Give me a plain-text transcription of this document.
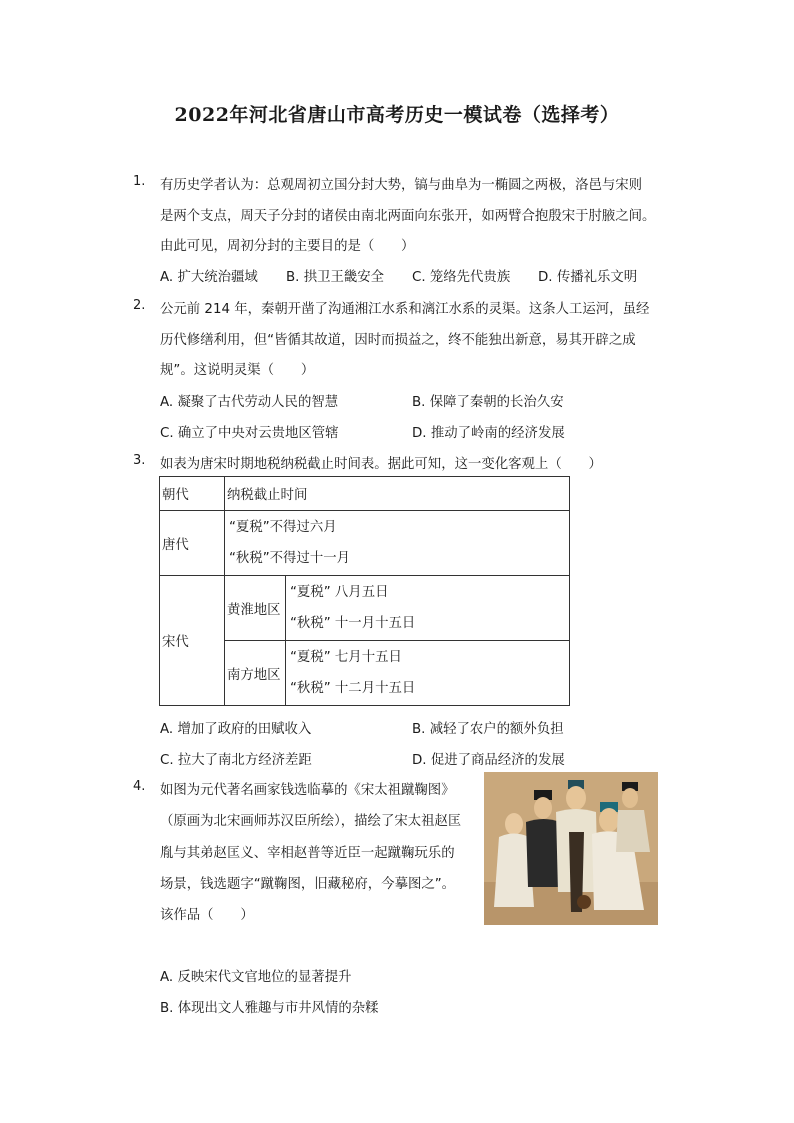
2022年河北省唐山市高考历史一模试卷（选择考）
1. 有历史学者认为：总观周初立国分封大势，镐与曲阜为一椭圆之两极，洛邑与宋则
是两个支点，周天子分封的诸侯由南北两面向东张开，如两臂合抱殷宋于肘腋之间。
由此可见，周初分封的主要目的是（　　）
A. 扩大统治疆域 B. 拱卫王畿安全 C. 笼络先代贵族 D. 传播礼乐文明
2. 公元前 214 年，秦朝开凿了沟通湘江水系和漓江水系的灵渠。这条人工运河，虽经
历代修缮利用，但“皆循其故道，因时而损益之，终不能独出新意，易其开辟之成
规”。这说明灵渠（　　）
A. 凝聚了古代劳动人民的智慧	B. 保障了秦朝的长治久安
C. 确立了中央对云贵地区管辖	D. 推动了岭南的经济发展
3. 如表为唐宋时期地税纳税截止时间表。据此可知，这一变化客观上（　　）
朝代	纳税截止时间	
唐代	“夏税”不得过六月
“秋税”不得过十一月	

宋代	黄淮地区	“夏税” 八月五日
“秋税” 十一月十五日

	南方地区	“夏税” 七月十五日
“秋税” 十二月十五日
A. 增加了政府的田赋收入	B. 减轻了农户的额外负担
C. 拉大了南北方经济差距	D. 促进了商品经济的发展
4. 如图为元代著名画家钱选临摹的《宋太祖蹴鞠图》
（原画为北宋画师苏汉臣所绘），描绘了宋太祖赵匡
胤与其弟赵匡义、宰相赵普等近臣一起蹴鞠玩乐的
场景，钱选题字“蹴鞠图，旧藏秘府，今摹图之”。
该作品（　　）
A. 反映宋代文官地位的显著提升
B. 体现出文人雅趣与市井风情的杂糅
